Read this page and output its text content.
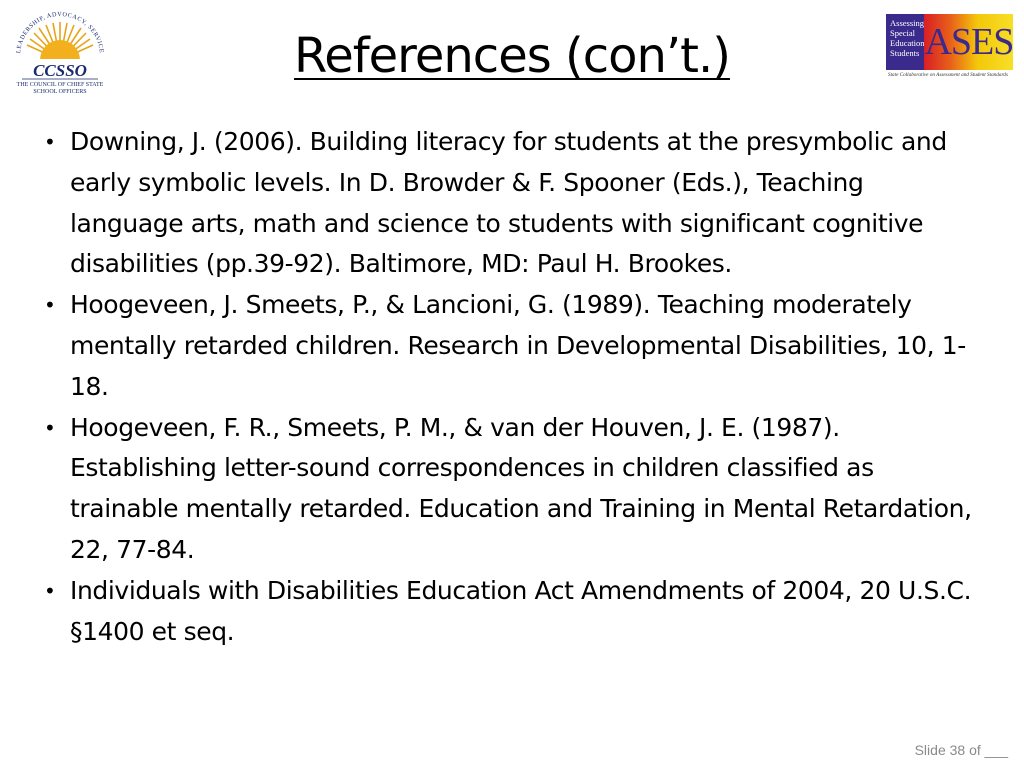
LEADERSHIP, ADVOCACY, SERVICE
CCSSO
THE COUNCIL OF CHIEF STATE
SCHOOL OFFICERS
References (con’t.)
Assessing
Special
Education
Students ASES
State Collaborative on Assessment and Student Standards
• Downing, J. (2006). Building literacy for students at the presymbolic and early symbolic levels. In D. Browder & F. Spooner (Eds.), Teaching language arts, math and science to students with significant cognitive disabilities (pp.39-92). Baltimore, MD: Paul H. Brookes.
• Hoogeveen, J. Smeets, P., & Lancioni, G. (1989). Teaching moderately mentally retarded children. Research in Developmental Disabilities, 10, 1-18.
• Hoogeveen, F. R., Smeets, P. M., & van der Houven, J. E. (1987). Establishing letter-sound correspondences in children classified as trainable mentally retarded. Education and Training in Mental Retardation, 22, 77-84.
• Individuals with Disabilities Education Act Amendments of 2004, 20 U.S.C. §1400 et seq.
Slide 38 of ___
